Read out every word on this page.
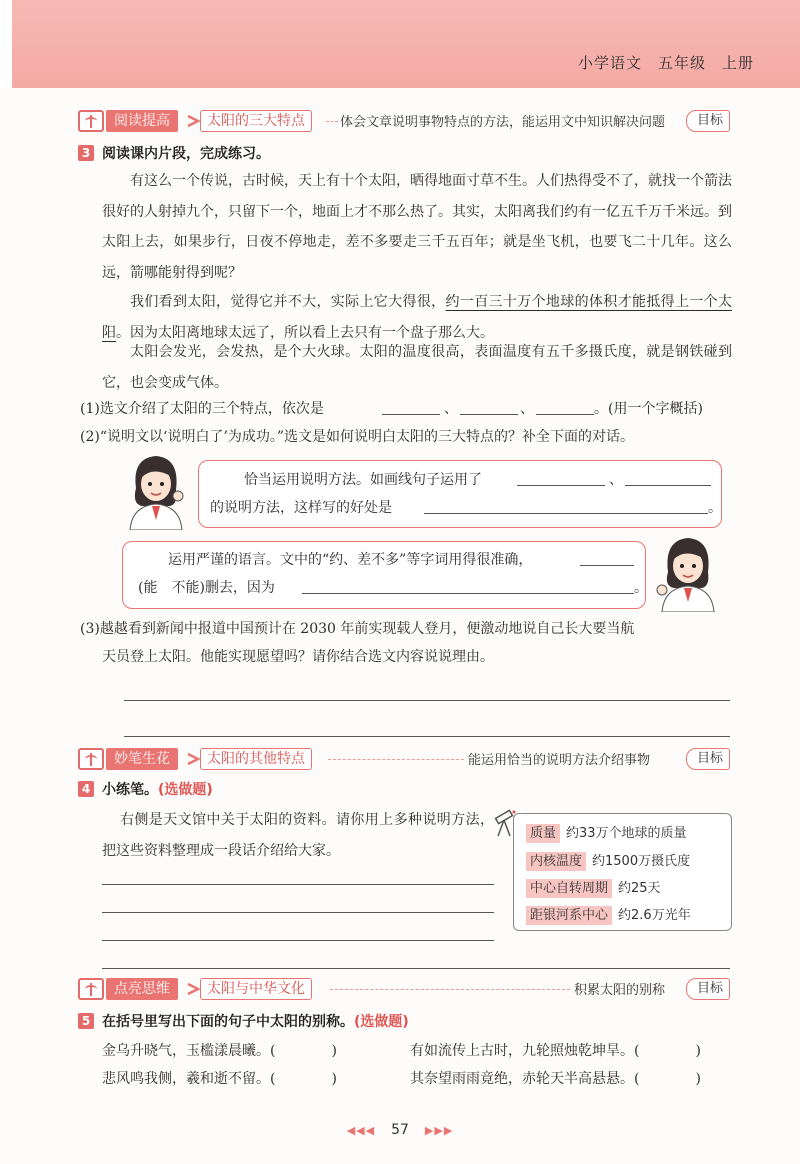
小学语文　五年级　上册
阅读提高	太阳的三大特点	体会文章说明事物特点的方法，能运用文中知识解决问题	目标
3 阅读课内片段，完成练习。
有这么一个传说，古时候，天上有十个太阳，晒得地面寸草不生。人们热得受不了，就找一个箭法很好的人射掉九个，只留下一个，地面上才不那么热了。其实，太阳离我们约有一亿五千万千米远。到太阳上去，如果步行，日夜不停地走，差不多要走三千五百年；就是坐飞机，也要飞二十几年。这么远，箭哪能射得到呢？
我们看到太阳，觉得它并不大，实际上它大得很，约一百三十万个地球的体积才能抵得上一个太阳。因为太阳离地球太远了，所以看上去只有一个盘子那么大。
太阳会发光，会发热，是个大火球。太阳的温度很高，表面温度有五千多摄氏度，就是钢铁碰到它，也会变成气体。
(1)选文介绍了太阳的三个特点，依次是	、	、	。(用一个字概括)
(2)“说明文以‘说明白了’为成功。”选文是如何说明白太阳的三大特点的？补全下面的对话。
恰当运用说明方法。如画线句子运用了	、
的说明方法，这样写的好处是	。
运用严谨的语言。文中的“约、差不多”等字词用得很准确，
(能　不能)删去，因为	。
(3)越越看到新闻中报道中国预计在 2030 年前实现载人登月，便激动地说自己长大要当航
天员登上太阳。他能实现愿望吗？请你结合选文内容说说理由。
妙笔生花	太阳的其他特点	能运用恰当的说明方法介绍事物	目标
4 小练笔。(选做题)
右侧是天文馆中关于太阳的资料。请你用上多种说明方法，把这些资料整理成一段话介绍给大家。
质量 约33万个地球的质量
内核温度 约1500万摄氏度
中心自转周期 约25天
距银河系中心 约2.6万光年
点亮思维	太阳与中华文化	积累太阳的别称	目标
5 在括号里写出下面的句子中太阳的别称。(选做题)
金乌升晓气，玉槛漾晨曦。(　　　　)	有如流传上古时，九轮照烛乾坤旱。(　　　　)
悲风鸣我侧，羲和逝不留。(　　　　)	其奈望雨雨竟绝，赤轮天半高悬悬。(　　　　)
◀◀◀ 57 ▶▶▶
